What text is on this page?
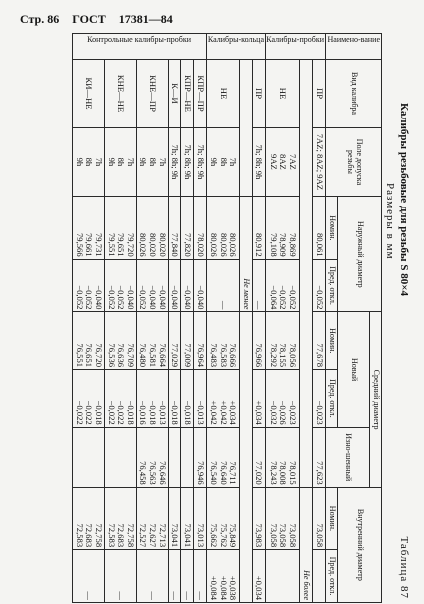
Стр. 86 ГОСТ 17381—84
Калибры резьбовые для резьбы S 80×4
Таблица 87
Размеры в мм
Наимено-вание	Вид калибра	Поле допуска резьбы	Наружный диаметр		Средний диаметр			Внутренний диаметр	
					Новый		Изно-шенный		
			Номин.	Пред. откл.	Номин.	Пред. откл.		Номин.	Пред. откл.

Калибры-пробки	ПР	7AZ; 8AZ; 9AZ	80,061	−0,052	77,678	−0,023	77,623	73,058	
								Не более	
	НЕ	7AZ
8AZ
9AZ	78,869
78,909
79,108	−0,052
−0,052
−0,064	78,056
78,155
78,292	−0,023
−0,026
−0,032	78,015
78,008
78,243	73,058
73,058
73,058	

Калибры-кольца	ПР	7h; 8h; 9h	80,912	—	76,966	+0,034	77,020	73,983	+0,034
			Не менее						
	НЕ	7h
8h
9h	80,026
80,026
80,026	—	76,666
76,583
76,483	+0,034
+0,042
+0,042	76,711
76,640
76,540	75,849
75,762
75,662	+0,038
+0,084
+0,084

Контрольные калибры-пробки	КПР—ПР	7h; 8h; 9h	78,020	−0,040	76,964	−0,013	76,946	73,013	—
	КПР—НЕ	7h; 8h; 9h	77,820	−0,040	77,009	−0,018		73,041	—
	К—И	7h; 8h; 9h	77,840	−0,040	77,029	−0,018		73,041	—
	КНЕ—ПР	7h
8h
9h	80,020
80,020
80,026	−0,040
−0,040
−0,052	76,664
76,581
76,480	−0,013
−0,018
−0,016	76,646
76,563
76,458	72,713
72,627
72,527	—
	КНЕ—НЕ	7h
8h
9h	79,720
79,651
79,551	−0,040
−0,052
−0,052	76,709
76,636
76,536	−0,018
−0,022
−0,022		72,758
72,683
72,583	—
	КИ—НЕ	7h
8h
9h	79,731
79,661
79,566	−0,040
−0,052
−0,052	76,720
76,651
76,551	−0,018
−0,022
−0,022		72,758
72,683
72,583	—
